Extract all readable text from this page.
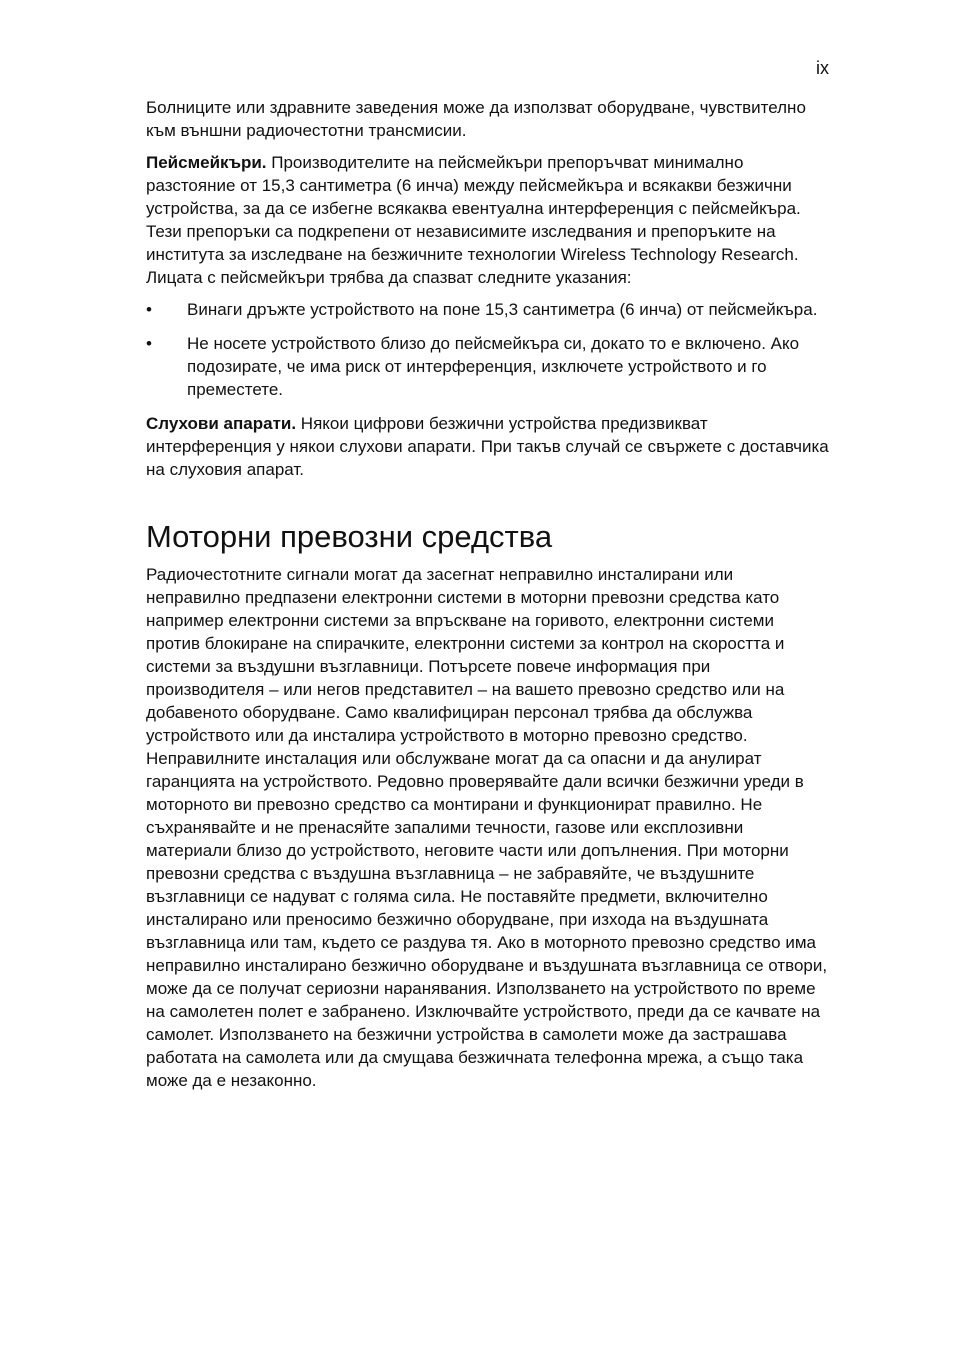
ix

Болниците или здравните заведения може да използват оборудване, чувствително към външни радиочестотни трансмисии.

Пейсмейкъри. Производителите на пейсмейкъри препоръчват минимално разстояние от 15,3 сантиметра (6 инча) между пейсмейкъра и всякакви безжични устройства, за да се избегне всякаква евентуална интерференция с пейсмейкъра. Тези препоръки са подкрепени от независимите изследвания и препоръките на института за изследване на безжичните технологии Wireless Technology Research. Лицата с пейсмейкъри трябва да спазват следните указания:

• Винаги дръжте устройството на поне 15,3 сантиметра (6 инча) от пейсмейкъра.
• Не носете устройството близо до пейсмейкъра си, докато то е включено. Ако подозирате, че има риск от интерференция, изключете устройството и го преместете.

Слухови апарати. Някои цифрови безжични устройства предизвикват интерференция у някои слухови апарати. При такъв случай се свържете с доставчика на слуховия апарат.

Моторни превозни средства

Радиочестотните сигнали могат да засегнат неправилно инсталирани или неправилно предпазени електронни системи в моторни превозни средства като например електронни системи за впръскване на горивото, електронни системи против блокиране на спирачките, електронни системи за контрол на скоростта и системи за въздушни възглавници. Потърсете повече информация при производителя – или негов представител – на вашето превозно средство или на добавеното оборудване. Само квалифициран персонал трябва да обслужва устройството или да инсталира устройството в моторно превозно средство. Неправилните инсталация или обслужване могат да са опасни и да анулират гаранцията на устройството. Редовно проверявайте дали всички безжични уреди в моторното ви превозно средство са монтирани и функционират правилно. Не съхранявайте и не пренасяйте запалими течности, газове или експлозивни материали близо до устройството, неговите части или допълнения. При моторни превозни средства с въздушна възглавница – не забравяйте, че въздушните възглавници се надуват с голяма сила. Не поставяйте предмети, включително инсталирано или преносимо безжично оборудване, при изхода на въздушната възглавница или там, където се раздува тя. Ако в моторното превозно средство има неправилно инсталирано безжично оборудване и въздушната възглавница се отвори, може да се получат сериозни наранявания. Използването на устройството по време на самолетен полет е забранено. Изключвайте устройството, преди да се качвате на самолет. Използването на безжични устройства в самолети може да застрашава работата на самолета или да смущава безжичната телефонна мрежа, а също така може да е незаконно.
